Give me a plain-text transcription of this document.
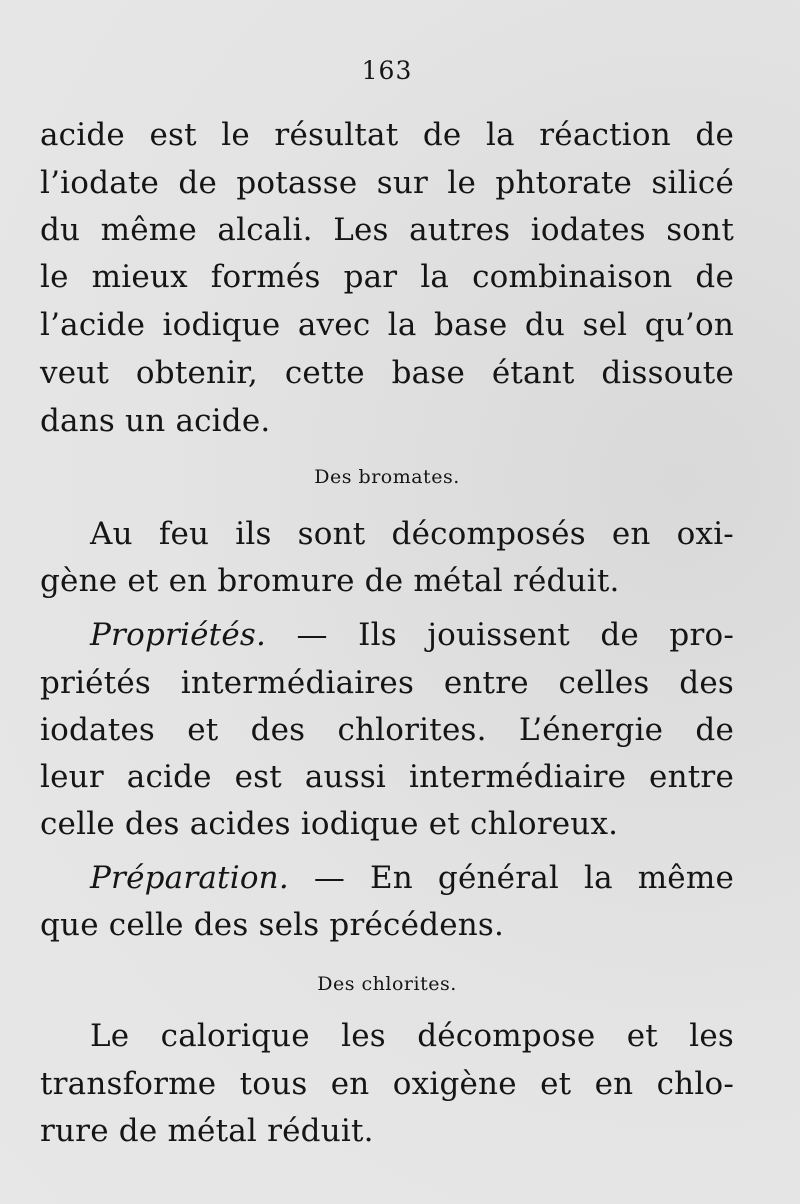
163
acide est le résultat de la réaction de
l’iodate de potasse sur le phtorate silicé
du même alcali. Les autres iodates sont
le mieux formés par la combinaison de
l’acide iodique avec la base du sel qu’on
veut obtenir, cette base étant dissoute
dans un acide.
Des bromates.
Au feu ils sont décomposés en oxi-
gène et en bromure de métal réduit.
Propriétés. — Ils jouissent de pro-
priétés intermédiaires entre celles des
iodates et des chlorites. L’énergie de
leur acide est aussi intermédiaire entre
celle des acides iodique et chloreux.
Préparation. — En général la même
que celle des sels précédens.
Des chlorites.
Le calorique les décompose et les
transforme tous en oxigène et en chlo-
rure de métal réduit.
